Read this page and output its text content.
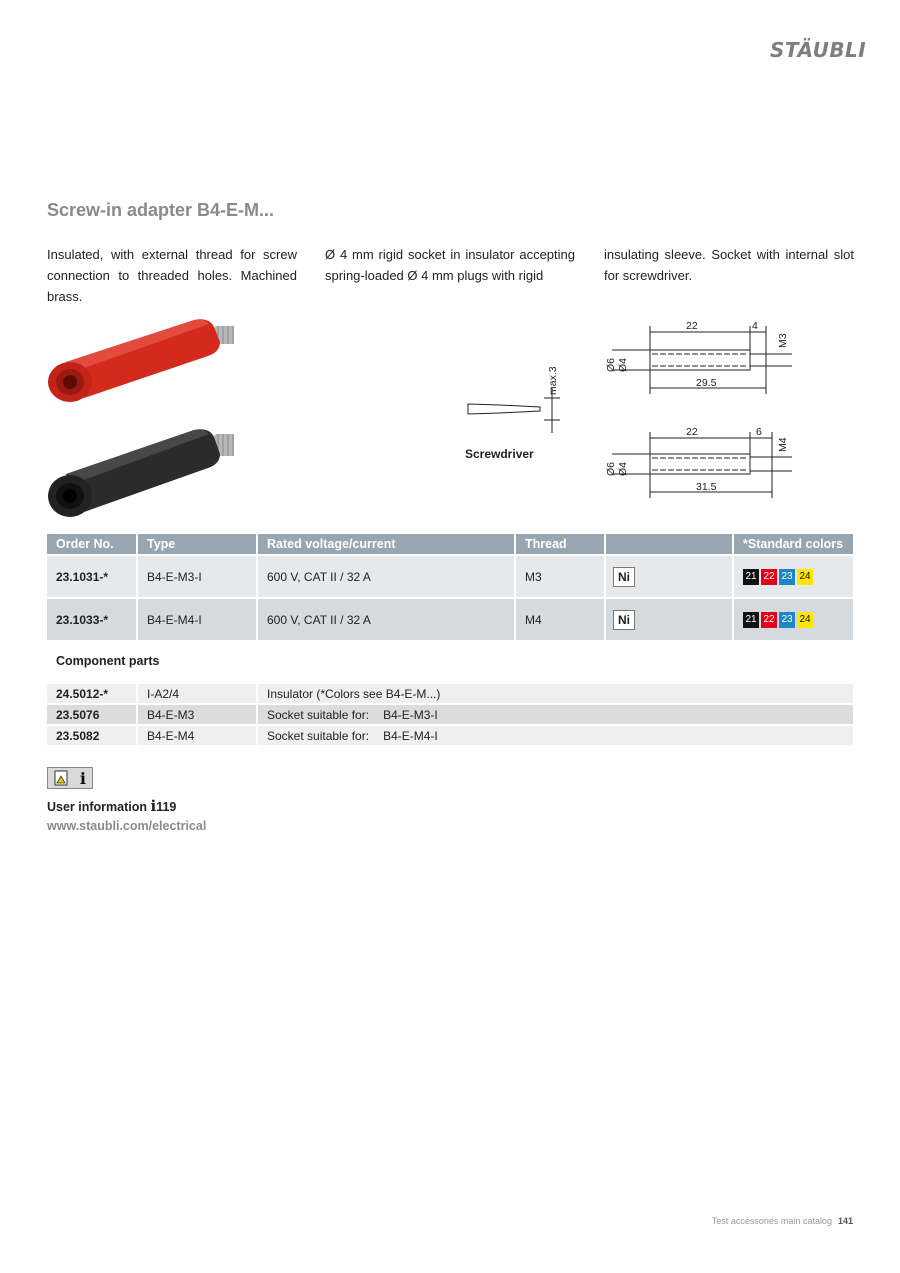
STÄUBLI
Screw-in adapter B4-E-M...
Insulated, with external thread for screw connection to threaded holes. Machined brass.
Ø 4 mm rigid socket in insulator accepting spring-loaded Ø 4 mm plugs with rigid
insulating sleeve. Socket with internal slot for screwdriver.
max.3
Screwdriver
22	4
M3
Ø6 Ø4
29.5
22	6
M4
Ø6 Ø4
31.5
Order No.	Type	Rated voltage/current	Thread		*Standard colors
23.1031-*	B4-E-M3-I	600 V, CAT II / 32 A	M3	Ni	21 22 23 24
23.1033-*	B4-E-M4-I	600 V, CAT II / 32 A	M4	Ni	21 22 23 24
Component parts
24.5012-*	I-A2/4	Insulator (*Colors see B4-E-M...)
23.5076	B4-E-M3	Socket suitable for: B4-E-M3-I
23.5082	B4-E-M4	Socket suitable for: B4-E-M4-I
i
User information i119
www.staubli.com/electrical
Test accessories main catalog 141
